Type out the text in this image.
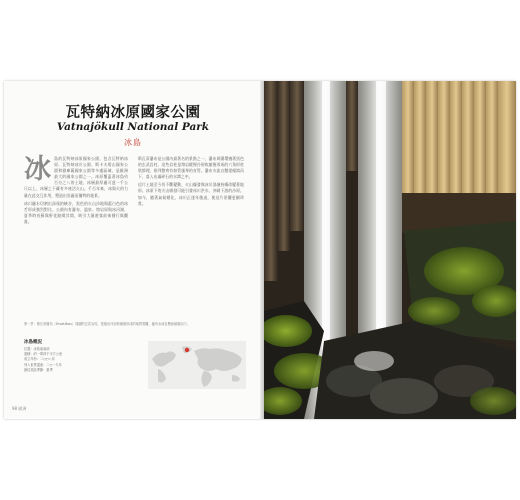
瓦特納冰原國家公園
Vatnajökull National Park
冰島
冰 島的瓦特納冰原國家公園，包含瓦特納冰原、瓦特納冰川公園、斯卡夫塔山國家公園和雅庫薩國家公園等多處區域，是歐洲最大的國家公園之一。冰原覆蓋著冰島約百分之八的土地，冰層最厚處可達一千公尺以上，冰層之下藏有多座活火山。千百年來，冰與火的力量在此交互作用，塑造出壯麗而獨特的地景。

冰川融水切割出深邃的峽谷，黑色的火山沙地與藍白色的冰舌形成強烈對比。公園內有瀑布、溫泉、熔岩原與冰河湖，夏季時苔蘚與野花點綴其間，吸引大量遊客前來健行與觀賞。

斯瓦蒂瀑布是公園內最著名的景點之一，瀑布周圍環繞著黑色的玄武岩柱，這些岩柱是熔岩緩慢冷卻收縮後形成的六角形柱狀節理，排列整齊有如管風琴的音管。瀑布水流自懸崖傾瀉而下，落入布滿碎石的水潭之中。

這片土地至今仍不斷變動，火山爆發與冰川消融持續改變著地形。冰原下的火山噴發可能引發冰川洪水，沖刷下游的沙原。如今，隨著氣候暖化，冰川正逐年後退，使這片景觀更顯珍貴。

第一頁：斯瓦蒂瀑布（Svartifoss）周圍的玄武岩柱，是熔岩冷卻收縮後形成的地質景觀，瀑布水流自懸崖傾瀉而下。
冰島概況
位置：冰島東南部
面積：約一萬四千平方公里
成立年份：二○○八年
列入世界遺產：二○一九年
最佳造訪季節：夏季
98 歐洲
